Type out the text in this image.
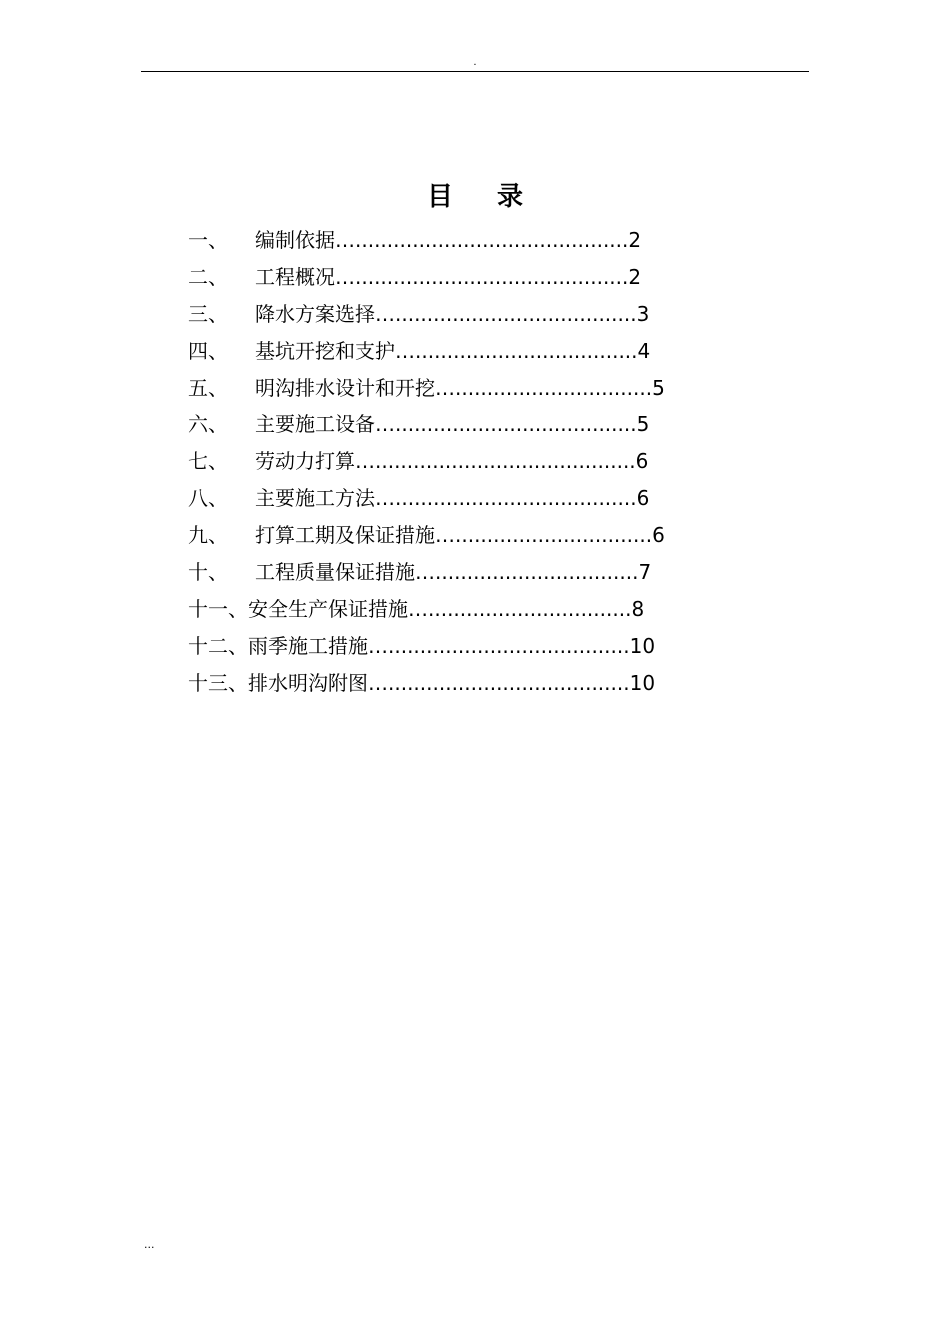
.
目录
一、	编制依据 …........................................... 2
二、	工程概况 …........................................... 2
三、	降水方案选择 …...................................... 3
四、	基坑开挖和支护 …................................... 4
五、	明沟排水设计和开挖 …............................... 5
六、	主要施工设备 …...................................... 5
七、	劳动力打算 …......................................... 6
八、	主要施工方法 …...................................... 6
九、	打算工期及保证措施 …............................... 6
十、	工程质量保证措施 …................................ 7
十一、 安全生产保证措施 …................................ 8
十二、 雨季施工措施 …...................................... 10
十三、 排水明沟附图 …...................................... 10
...
